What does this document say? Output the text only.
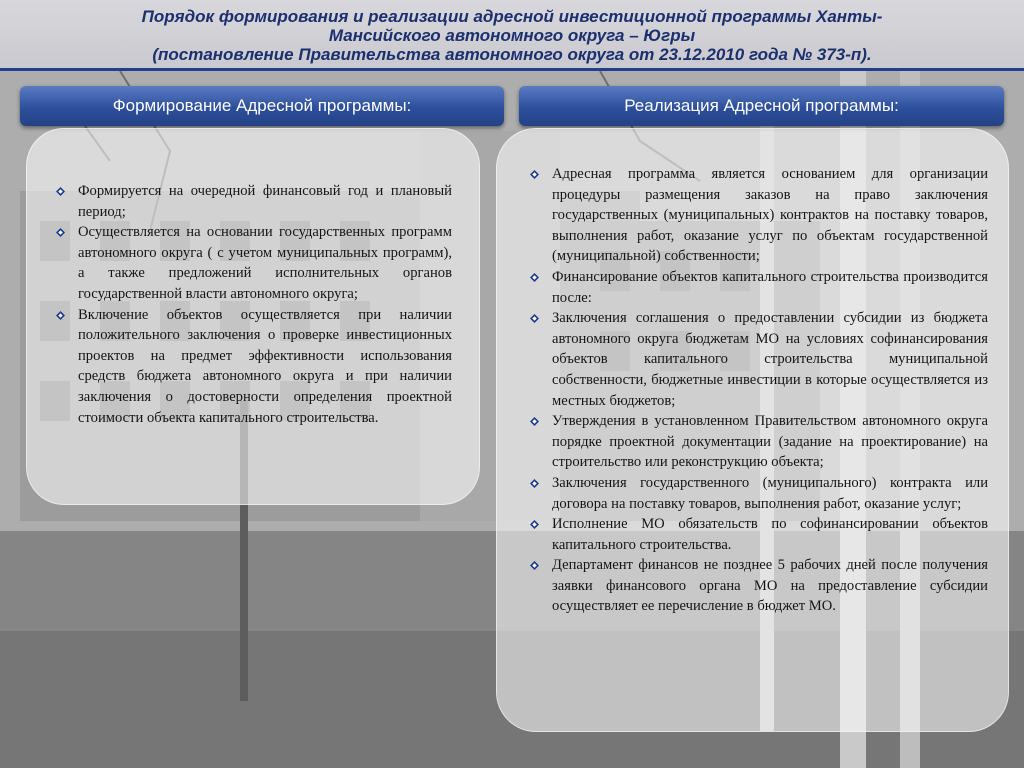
Порядок формирования и реализации адресной инвестиционной программы Ханты-
Мансийского автономного округа – Югры
(постановление Правительства автономного округа от 23.12.2010 года № 373-п).
Формирование Адресной программы:	Реализация Адресной программы:
Формируется на очередной финансовый год и плановый период;
Осуществляется на основании государственных программ автономного округа ( с учетом муниципальных программ), а также предложений исполнительных органов государственной власти автономного округа;
Включение объектов осуществляется при наличии положительного заключения о проверке инвестиционных проектов на предмет эффективности использования средств бюджета автономного округа и при наличии заключения о достоверности определения проектной стоимости объекта капитального строительства.
Адресная программа является основанием для организации процедуры размещения заказов на право заключения государственных (муниципальных) контрактов на поставку товаров, выполнения работ, оказание услуг по объектам государственной (муниципальной) собственности;
Финансирование объектов капитального строительства производится после:
Заключения соглашения о предоставлении субсидии из бюджета автономного округа бюджетам МО на условиях софинансирования объектов капитального строительства муниципальной собственности, бюджетные инвестиции в которые осуществляется из местных бюджетов;
Утверждения в установленном Правительством автономного округа порядке проектной документации (задание на проектирование) на строительство или реконструкцию объекта;
Заключения государственного (муниципального) контракта или договора на поставку товаров, выполнения работ, оказание услуг;
Исполнение МО обязательств по софинансировании объектов капитального строительства.
Департамент финансов не позднее 5 рабочих дней после получения заявки финансового органа МО на предоставление субсидии осуществляет ее перечисление в бюджет МО.
